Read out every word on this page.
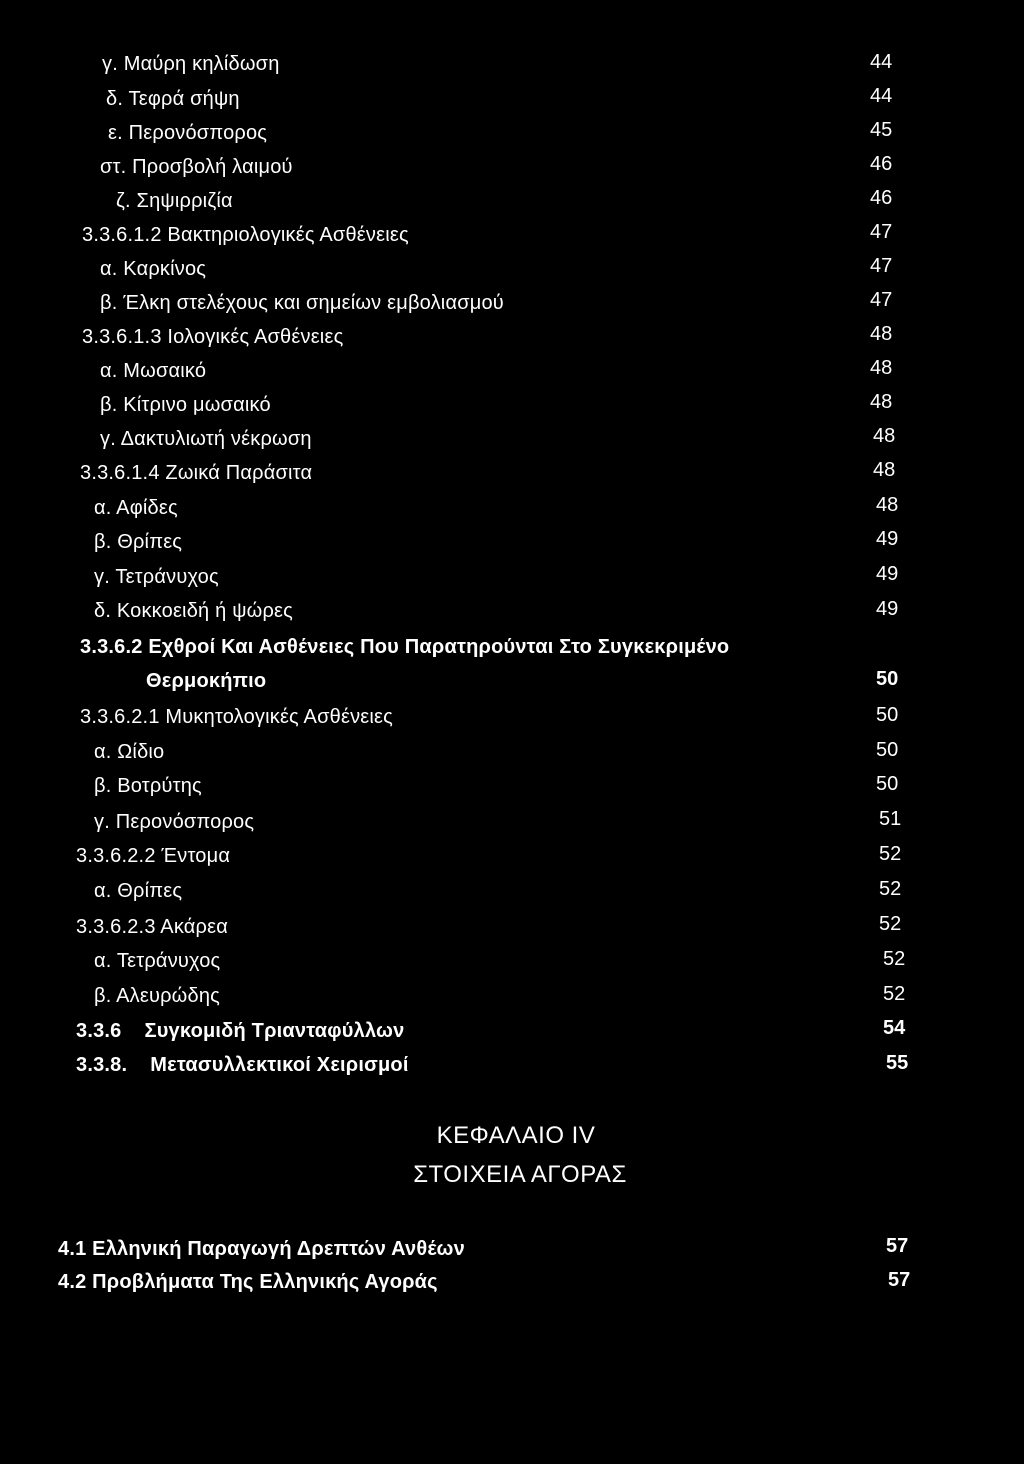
γ. Μαύρη κηλίδωση	44
δ. Τεφρά σήψη	44
ε. Περονόσπορος	45
στ. Προσβολή λαιμού	46
ζ. Σηψιρριζία	46
3.3.6.1.2 Βακτηριολογικές Ασθένειες	47
α. Καρκίνος	47
β. Έλκη στελέχους και σημείων εμβολιασμού	47
3.3.6.1.3 Ιολογικές Ασθένειες	48
α. Μωσαικό	48
β. Κίτρινο μωσαικό	48
γ. Δακτυλιωτή νέκρωση	48
3.3.6.1.4 Ζωικά Παράσιτα	48
α. Αφίδες	48
β. Θρίπες	49
γ. Τετράνυχος	49
δ. Κοκκοειδή ή ψώρες	49
3.3.6.2 Εχθροί Και Ασθένειες Που Παρατηρούνται Στο Συγκεκριμένο
Θερμοκήπιο	50
3.3.6.2.1 Μυκητολογικές Ασθένειες	50
α. Ωίδιο	50
β. Βοτρύτης	50
γ. Περονόσπορος	51
3.3.6.2.2 Έντομα	52
α. Θρίπες	52
3.3.6.2.3 Ακάρεα	52
α. Τετράνυχος	52
β. Αλευρώδης	52
3.3.6    Συγκομιδή Τριανταφύλλων	54
3.3.8.    Μετασυλλεκτικοί Χειρισμοί	55
ΚΕΦΑΛΑΙΟ IV
ΣΤΟΙΧΕΙΑ ΑΓΟΡΑΣ
4.1 Ελληνική Παραγωγή Δρεπτών Ανθέων	57
4.2 Προβλήματα Της Ελληνικής Αγοράς	57
